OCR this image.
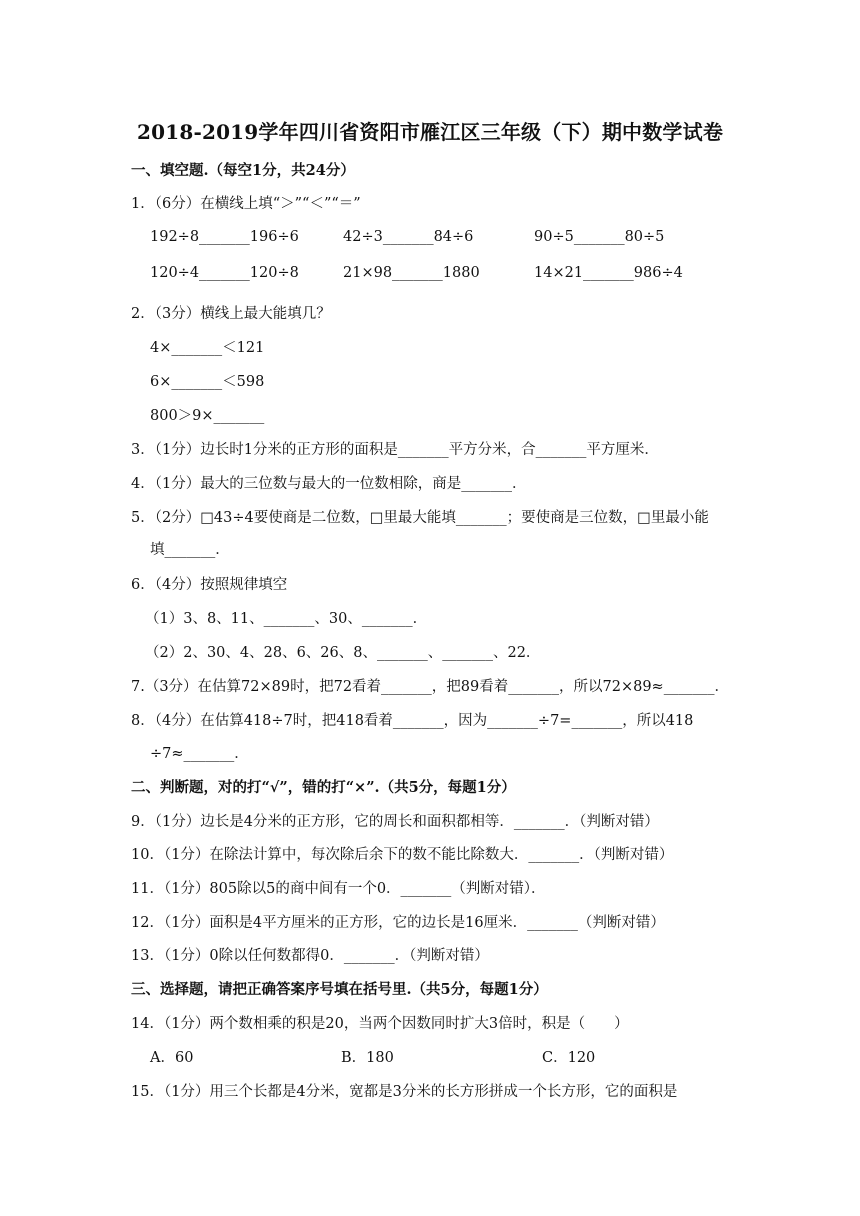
2018-2019学年四川省资阳市雁江区三年级（下）期中数学试卷
一、填空题.（每空1分，共24分）
1．（6分）在横线上填“＞”“＜”“＝”
192÷8_______196÷6	42÷3_______84÷6	90÷5_______80÷5
120÷4_______120÷8	21×98_______1880	14×21_______986÷4
2．（3分）横线上最大能填几？
4×_______＜121
6×_______＜598
800＞9×_______
3．（1分）边长时1分米的正方形的面积是_______平方分米，合_______平方厘米．
4．（1分）最大的三位数与最大的一位数相除，商是_______．
5．（2分）□43÷4要使商是二位数，□里最大能填_______；要使商是三位数，□里最小能
填_______．
6．（4分）按照规律填空
（1）3、8、11、_______、30、_______．
（2）2、30、4、28、6、26、8、_______、_______、22．
7.（3分）在估算72×89时，把72看着_______，把89看着_______，所以72×89≈_______．
8．（4分）在估算418÷7时，把418看着_______，因为_______÷7=_______，所以418
÷7≈_______．
二、判断题，对的打“√”，错的打“×”.（共5分，每题1分）
9．（1分）边长是4分米的正方形，它的周长和面积都相等．_______．（判断对错）
10．（1分）在除法计算中，每次除后余下的数不能比除数大．_______．（判断对错）
11．（1分）805除以5的商中间有一个0．_______（判断对错）．
12．（1分）面积是4平方厘米的正方形，它的边长是16厘米．_______（判断对错）
13．（1分）0除以任何数都得0．_______．（判断对错）
三、选择题，请把正确答案序号填在括号里.（共5分，每题1分）
14．（1分）两个数相乘的积是20，当两个因数同时扩大3倍时，积是（　　）
A．60	B．180	C．120
15．（1分）用三个长都是4分米，宽都是3分米的长方形拼成一个长方形，它的面积是
